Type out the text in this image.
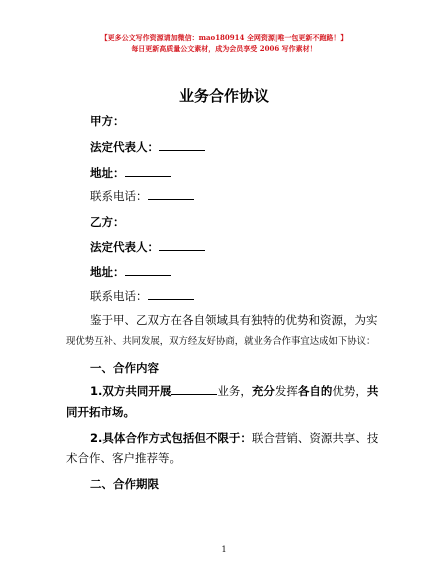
【更多公文写作资源请加微信：mao180914 全网资源|唯一包更新不跑路！】
每日更新高质量公文素材，成为会员享受 2006 写作素材！
业务合作协议
甲方：
法定代表人：
地址：
联系电话：
乙方：
法定代表人：
地址：
联系电话：
鉴于甲、乙双方在各自领域具有独特的优势和资源，为实
现优势互补、共同发展，双方经友好协商，就业务合作事宜达成如下协议：
一、合作内容
1.双方共同开展	业务，充分发挥各自的优势，共
同开拓市场。
2.具体合作方式包括但不限于：联合营销、资源共享、技
术合作、客户推荐等。
二、合作期限
1
